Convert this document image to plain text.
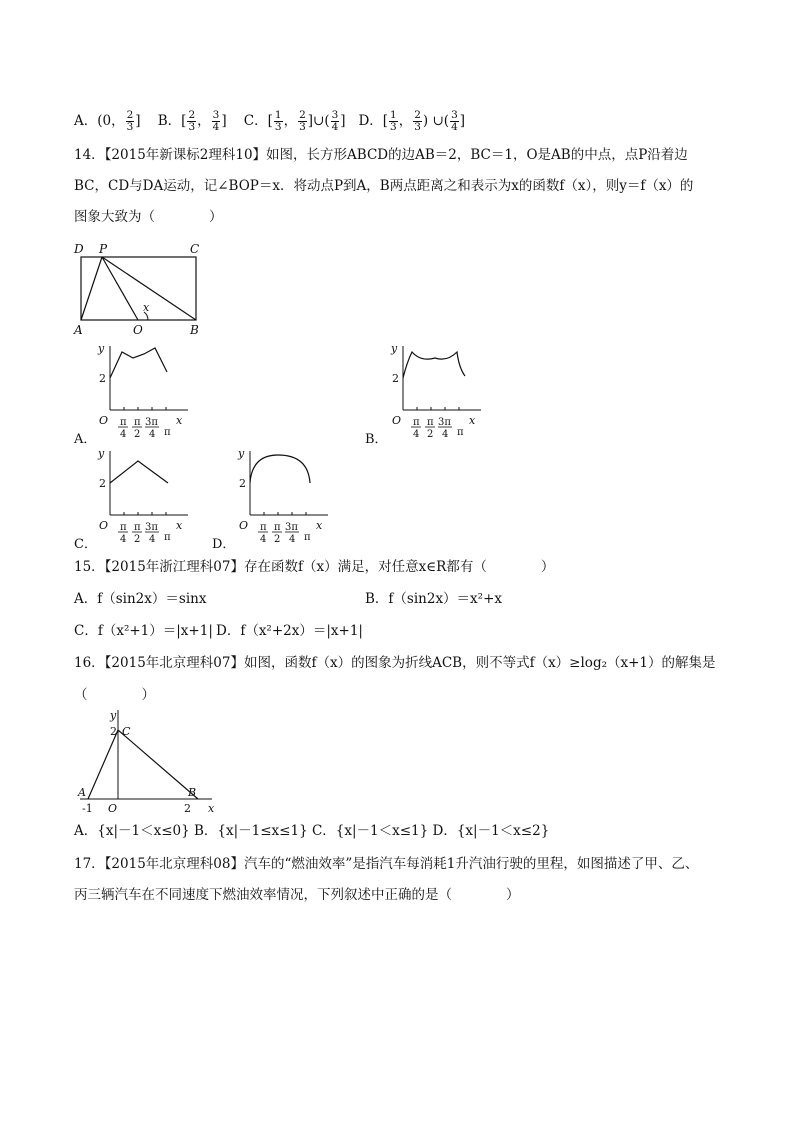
A．(0， $\frac{2}{3}$ ] B．[ $\frac{2}{3}$ ， $\frac{3}{4}$ ] C．[ $\frac{1}{3}$ ， $\frac{2}{3}$ ]∪( $\frac{3}{4}$ ] D．[ $\frac{1}{3}$ ， $\frac{2}{3}$ ) ∪( $\frac{3}{4}$ ]
14．【2015年新课标2理科10】如图，长方形ABCD的边AB＝2，BC＝1，O是AB的中点，点P沿着边
BC，CD与DA运动，记∠BOP＝x．将动点P到A，B两点距离之和表示为x的函数f（x），则y＝f（x）的
图象大致为（　　　　）
D P	C
A	O	B
x
A．
y
2
O	x
π
4
π
2
3π
4 π	B．
y
2
O	x
π
4
π
2
3π
4 π
C．
y
2
O	x
π
4
π
2
3π
4 π	D．
y
2
O	x
π
4
π
2
3π
4 π
15．【2015年浙江理科07】存在函数f（x）满足，对任意x∈R都有（　　　　）
A．f（sin2x）＝sinx	B．f（sin2x）＝x²+x
C．f（x²+1）＝|x+1| D．f（x²+2x）＝|x+1|
16．【2015年北京理科07】如图，函数f（x）的图象为折线ACB，则不等式f（x）≥log₂（x+1）的解集是
（　　　　）
y
2 C
A	B
-1 O	2 x
A．{x|－1＜x≤0} B．{x|－1≤x≤1} C．{x|－1＜x≤1} D．{x|－1＜x≤2}
17．【2015年北京理科08】汽车的“燃油效率”是指汽车每消耗1升汽油行驶的里程，如图描述了甲、乙、
丙三辆汽车在不同速度下燃油效率情况，下列叙述中正确的是（　　　　）
